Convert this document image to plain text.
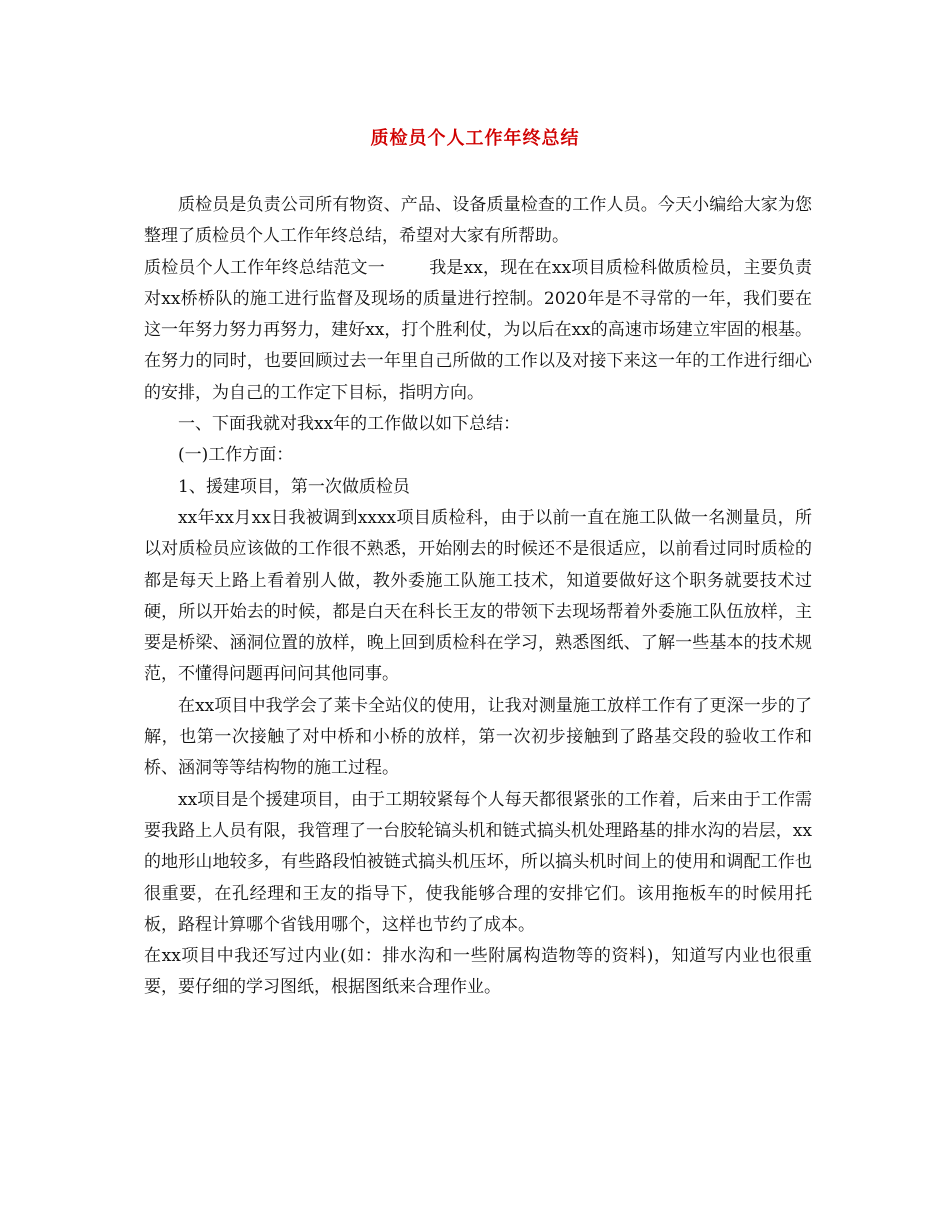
质检员个人工作年终总结

质检员是负责公司所有物资、产品、设备质量检查的工作人员。今天小编给大家为您整理了质检员个人工作年终总结，希望对大家有所帮助。

质检员个人工作年终总结范文一	我是xx，现在在xx项目质检科做质检员，主要负责对xx桥桥队的施工进行监督及现场的质量进行控制。2020年是不寻常的一年，我们要在这一年努力努力再努力，建好xx，打个胜利仗，为以后在xx的高速市场建立牢固的根基。在努力的同时，也要回顾过去一年里自己所做的工作以及对接下来这一年的工作进行细心的安排，为自己的工作定下目标，指明方向。

一、下面我就对我xx年的工作做以如下总结：

(一)工作方面：

1、援建项目，第一次做质检员

xx年xx月xx日我被调到xxxx项目质检科，由于以前一直在施工队做一名测量员，所以对质检员应该做的工作很不熟悉，开始刚去的时候还不是很适应，以前看过同时质检的都是每天上路上看着别人做，教外委施工队施工技术，知道要做好这个职务就要技术过硬，所以开始去的时候，都是白天在科长王友的带领下去现场帮着外委施工队伍放样，主要是桥梁、涵洞位置的放样，晚上回到质检科在学习，熟悉图纸、了解一些基本的技术规范，不懂得问题再问问其他同事。

在xx项目中我学会了莱卡全站仪的使用，让我对测量施工放样工作有了更深一步的了解，也第一次接触了对中桥和小桥的放样，第一次初步接触到了路基交段的验收工作和桥、涵洞等等结构物的施工过程。

xx项目是个援建项目，由于工期较紧每个人每天都很紧张的工作着，后来由于工作需要我路上人员有限，我管理了一台胶轮镐头机和链式搞头机处理路基的排水沟的岩层，xx的地形山地较多，有些路段怕被链式搞头机压坏，所以搞头机时间上的使用和调配工作也很重要，在孔经理和王友的指导下，使我能够合理的安排它们。该用拖板车的时候用托板，路程计算哪个省钱用哪个，这样也节约了成本。

在xx项目中我还写过内业(如：排水沟和一些附属构造物等的资料)，知道写内业也很重要，要仔细的学习图纸，根据图纸来合理作业。
